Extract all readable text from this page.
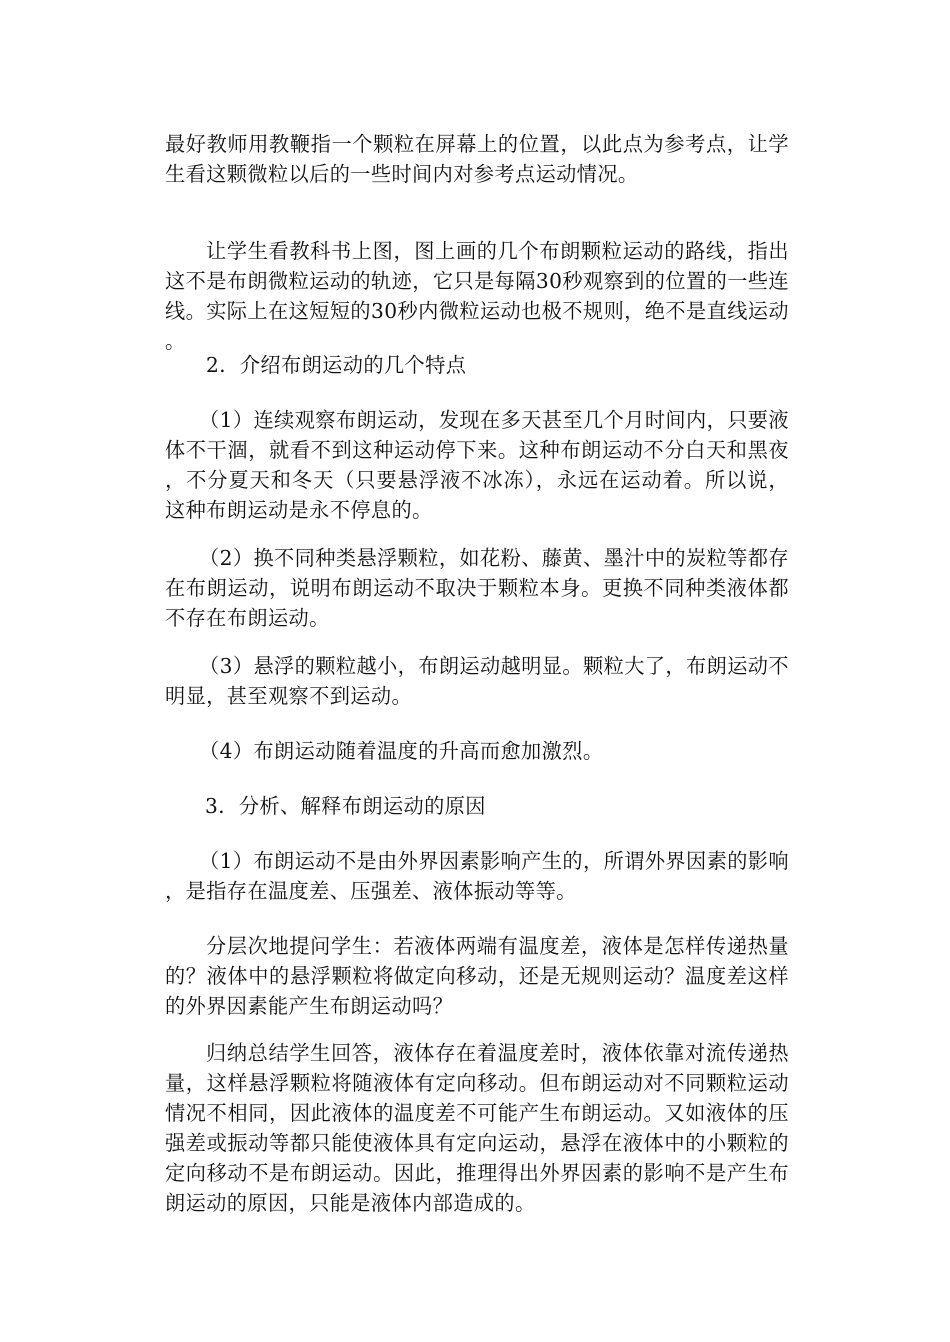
最好教师用教鞭指一个颗粒在屏幕上的位置，以此点为参考点，让学生看这颗微粒以后的一些时间内对参考点运动情况。

让学生看教科书上图，图上画的几个布朗颗粒运动的路线，指出这不是布朗微粒运动的轨迹，它只是每隔30秒观察到的位置的一些连线。实际上在这短短的30秒内微粒运动也极不规则，绝不是直线运动。

2．介绍布朗运动的几个特点

（1）连续观察布朗运动，发现在多天甚至几个月时间内，只要液体不干涸，就看不到这种运动停下来。这种布朗运动不分白天和黑夜，不分夏天和冬天（只要悬浮液不冰冻），永远在运动着。所以说，这种布朗运动是永不停息的。

（2）换不同种类悬浮颗粒，如花粉、藤黄、墨汁中的炭粒等都存在布朗运动，说明布朗运动不取决于颗粒本身。更换不同种类液体都不存在布朗运动。

（3）悬浮的颗粒越小，布朗运动越明显。颗粒大了，布朗运动不明显，甚至观察不到运动。

（4）布朗运动随着温度的升高而愈加激烈。

3．分析、解释布朗运动的原因

（1）布朗运动不是由外界因素影响产生的，所谓外界因素的影响，是指存在温度差、压强差、液体振动等等。

分层次地提问学生：若液体两端有温度差，液体是怎样传递热量的？液体中的悬浮颗粒将做定向移动，还是无规则运动？温度差这样的外界因素能产生布朗运动吗？

归纳总结学生回答，液体存在着温度差时，液体依靠对流传递热量，这样悬浮颗粒将随液体有定向移动。但布朗运动对不同颗粒运动情况不相同，因此液体的温度差不可能产生布朗运动。又如液体的压强差或振动等都只能使液体具有定向运动，悬浮在液体中的小颗粒的定向移动不是布朗运动。因此，推理得出外界因素的影响不是产生布朗运动的原因，只能是液体内部造成的。
